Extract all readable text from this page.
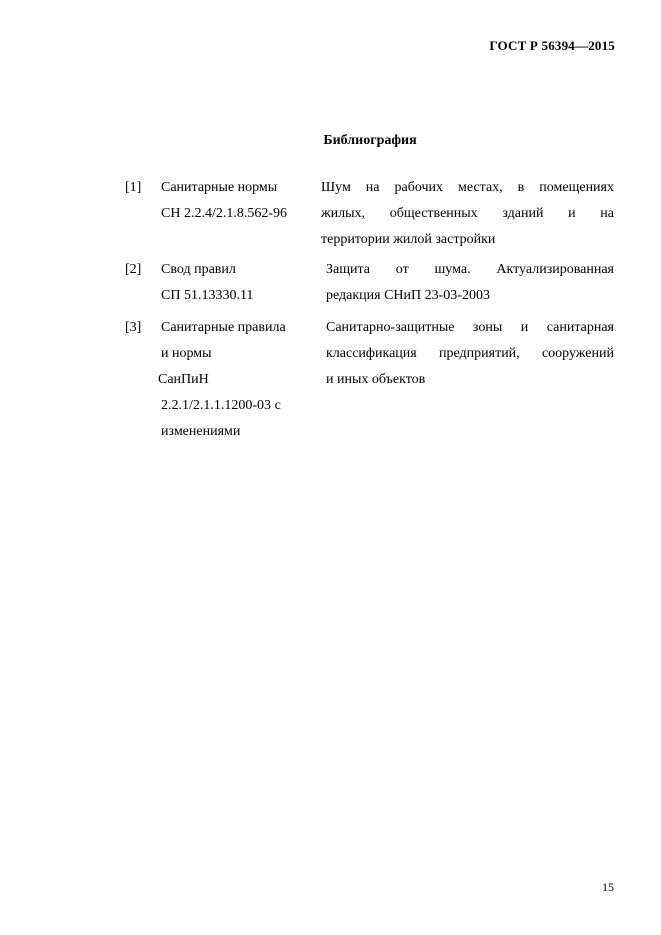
ГОСТ Р 56394—2015
Библиография
[1] Санитарные нормы
СН 2.2.4/2.1.8.562-96
Шум на рабочих местах, в помещениях
жилых, общественных зданий и на
территории жилой застройки
[2] Свод правил
СП 51.13330.11
Защита от шума. Актуализированная
редакция СНиП 23-03-2003
[3] Санитарные правила
и нормы
СанПиН
2.2.1/2.1.1.1200-03 с
изменениями
Санитарно-защитные зоны и санитарная
классификация предприятий, сооружений
и иных объектов
15
